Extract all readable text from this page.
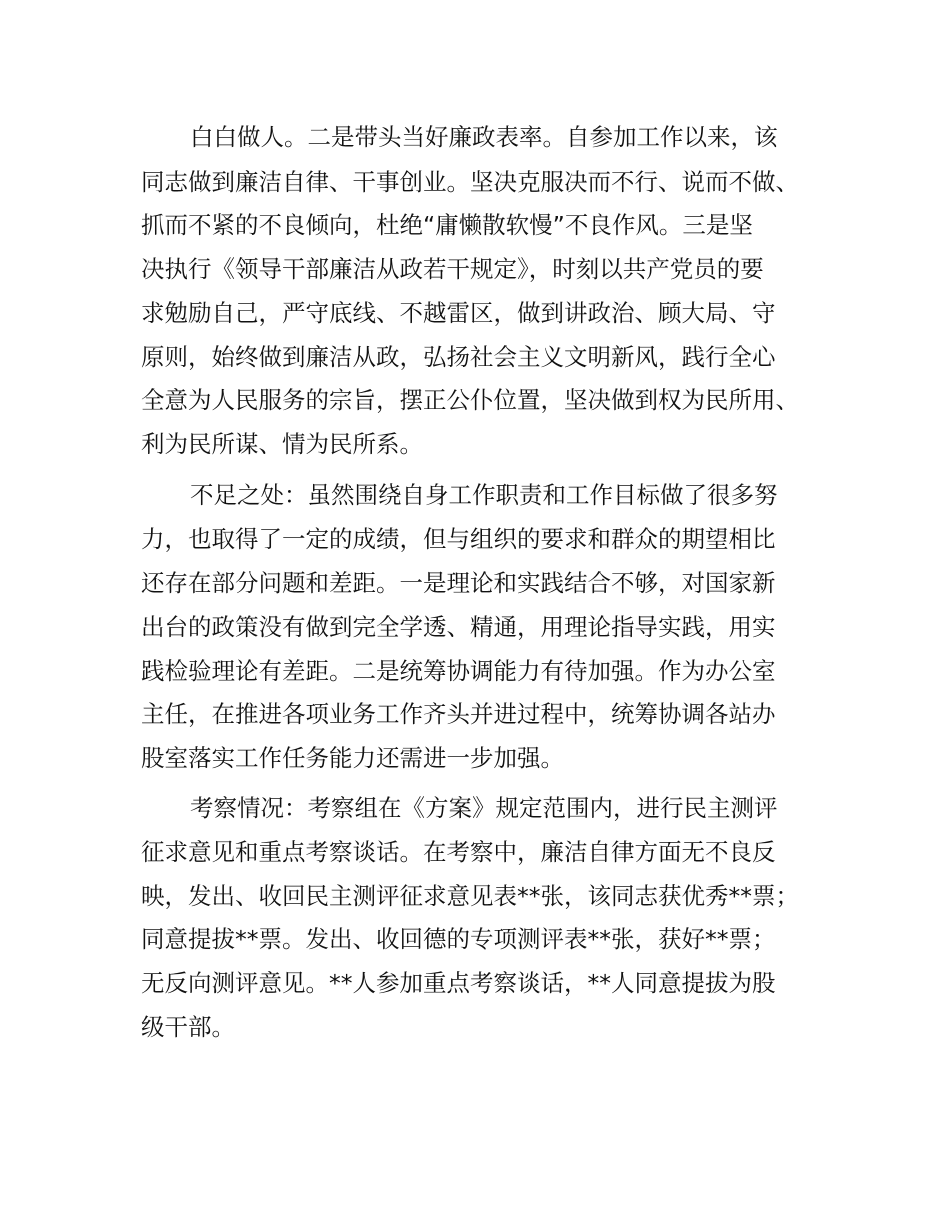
白白做人。二是带头当好廉政表率。自参加工作以来，该
同志做到廉洁自律、干事创业。坚决克服决而不行、说而不做、
抓而不紧的不良倾向，杜绝“庸懒散软慢”不良作风。三是坚
决执行《领导干部廉洁从政若干规定》，时刻以共产党员的要
求勉励自己，严守底线、不越雷区，做到讲政治、顾大局、守
原则，始终做到廉洁从政，弘扬社会主义文明新风，践行全心
全意为人民服务的宗旨，摆正公仆位置，坚决做到权为民所用、
利为民所谋、情为民所系。
不足之处：虽然围绕自身工作职责和工作目标做了很多努
力，也取得了一定的成绩，但与组织的要求和群众的期望相比
还存在部分问题和差距。一是理论和实践结合不够，对国家新
出台的政策没有做到完全学透、精通，用理论指导实践，用实
践检验理论有差距。二是统筹协调能力有待加强。作为办公室
主任，在推进各项业务工作齐头并进过程中，统筹协调各站办
股室落实工作任务能力还需进一步加强。
考察情况：考察组在《方案》规定范围内，进行民主测评
征求意见和重点考察谈话。在考察中，廉洁自律方面无不良反
映，发出、收回民主测评征求意见表**张，该同志获优秀**票；
同意提拔**票。发出、收回德的专项测评表**张，获好**票；
无反向测评意见。**人参加重点考察谈话，**人同意提拔为股
级干部。
